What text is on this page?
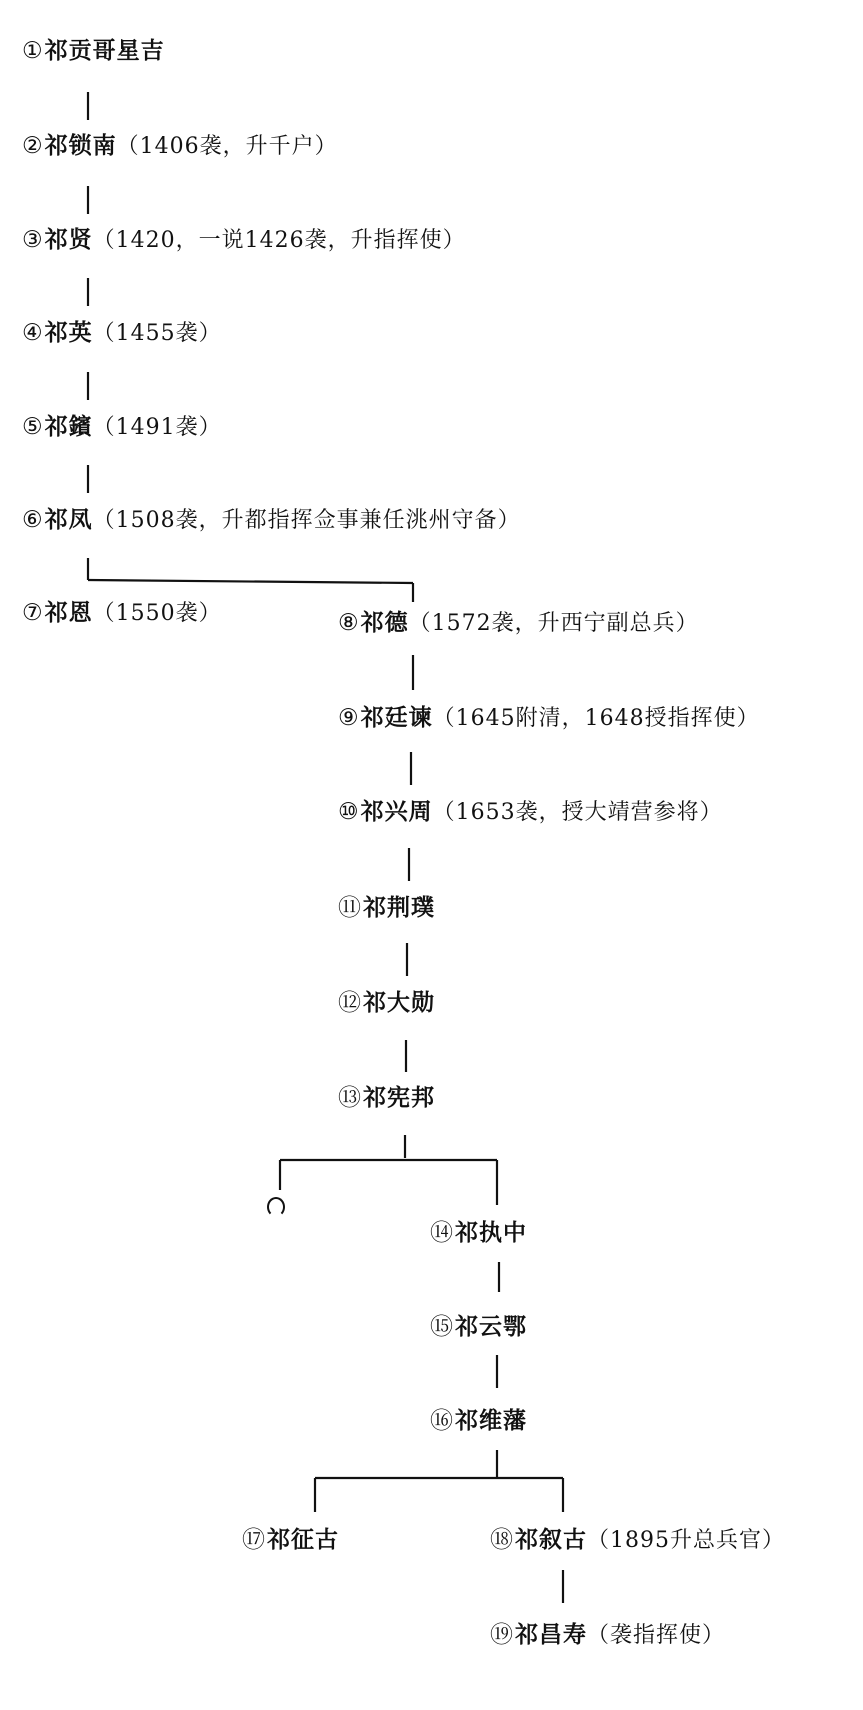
①祁贡哥星吉
②祁锁南（1406袭，升千户）
③祁贤（1420，一说1426袭，升指挥使）
④祁英（1455袭）
⑤祁鑌（1491袭）
⑥祁凤（1508袭，升都指挥佥事兼任洮州守备）
⑦祁恩（1550袭）	⑧祁德（1572袭，升西宁副总兵）
⑨祁廷谏（1645附清，1648授指挥使）
⑩祁兴周（1653袭，授大靖营参将）
⑪祁荆璞
⑫祁大勋
⑬祁宪邦
⑭祁执中
⑮祁云鄂
⑯祁维藩
⑰祁征古	⑱祁叙古（1895升总兵官）
⑲祁昌寿（袭指挥使）
